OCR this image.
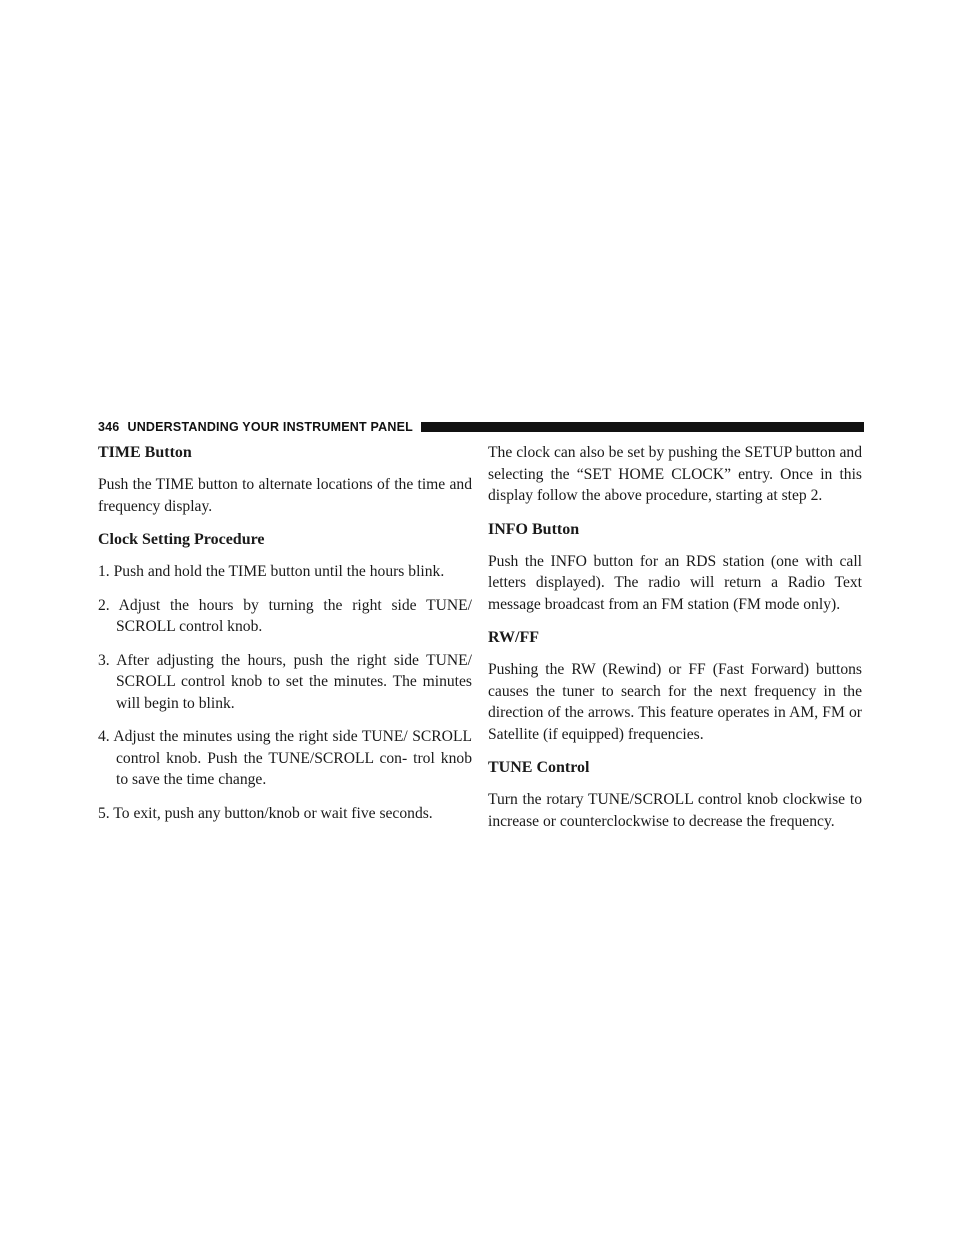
346 UNDERSTANDING YOUR INSTRUMENT PANEL
TIME Button

Push the TIME button to alternate locations of the time and frequency display.

Clock Setting Procedure
1. Push and hold the TIME button until the hours blink.
2. Adjust the hours by turning the right side TUNE/ SCROLL control knob.
3. After adjusting the hours, push the right side TUNE/ SCROLL control knob to set the minutes. The minutes will begin to blink.
4. Adjust the minutes using the right side TUNE/ SCROLL control knob. Push the TUNE/SCROLL con- trol knob to save the time change.
5. To exit, push any button/knob or wait five seconds.

The clock can also be set by pushing the SETUP button and selecting the “SET HOME CLOCK” entry. Once in this display follow the above procedure, starting at step 2.

INFO Button

Push the INFO button for an RDS station (one with call letters displayed). The radio will return a Radio Text message broadcast from an FM station (FM mode only).

RW/FF

Pushing the RW (Rewind) or FF (Fast Forward) buttons causes the tuner to search for the next frequency in the direction of the arrows. This feature operates in AM, FM or Satellite (if equipped) frequencies.

TUNE Control

Turn the rotary TUNE/SCROLL control knob clockwise to increase or counterclockwise to decrease the frequency.
